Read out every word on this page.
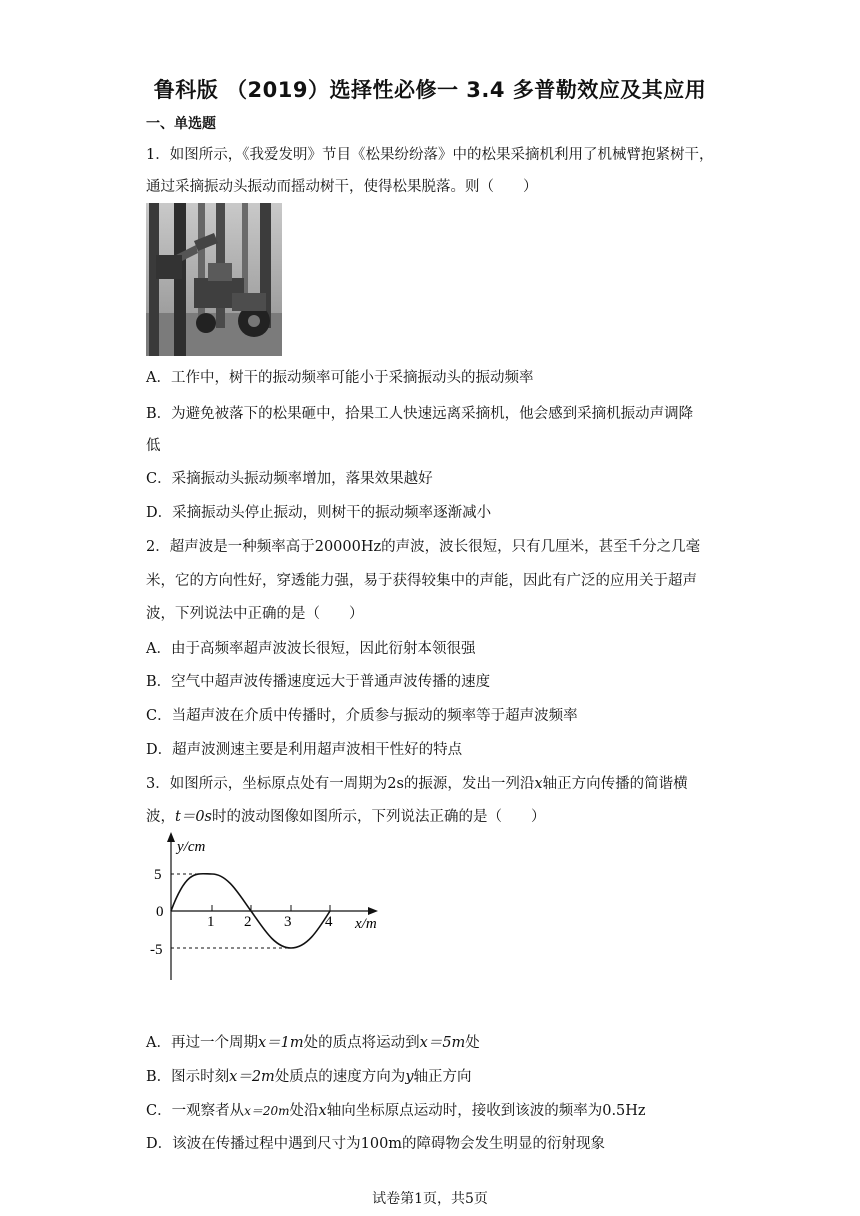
鲁科版 （2019）选择性必修一 3.4 多普勒效应及其应用
一、单选题
1．如图所示，《我爱发明》节目《松果纷纷落》中的松果采摘机利用了机械臂抱紧树干，
通过采摘振动头振动而摇动树干，使得松果脱落。则（　　）
A．工作中，树干的振动频率可能小于采摘振动头的振动频率
B．为避免被落下的松果砸中，拾果工人快速远离采摘机，他会感到采摘机振动声调降
低
C．采摘振动头振动频率增加，落果效果越好
D．采摘振动头停止振动，则树干的振动频率逐渐减小
2．超声波是一种频率高于20000Hz的声波，波长很短，只有几厘米，甚至千分之几毫
米，它的方向性好，穿透能力强，易于获得较集中的声能，因此有广泛的应用关于超声
波，下列说法中正确的是（　　）
A．由于高频率超声波波长很短，因此衍射本领很强
B．空气中超声波传播速度远大于普通声波传播的速度
C．当超声波在介质中传播时，介质参与振动的频率等于超声波频率
D．超声波测速主要是利用超声波相干性好的特点
3．如图所示，坐标原点处有一周期为2s的振源，发出一列沿x轴正方向传播的简谐横
波，t＝0s时的波动图像如图所示，下列说法正确的是（　　）
y/cm
x/m
5
0
-5
1 2 3 4
A．再过一个周期x＝1m处的质点将运动到x＝5m处
B．图示时刻x＝2m处质点的速度方向为y轴正方向
C．一观察者从x＝20m处沿x轴向坐标原点运动时，接收到该波的频率为0.5Hz
D．该波在传播过程中遇到尺寸为100m的障碍物会发生明显的衍射现象
试卷第1页，共5页
